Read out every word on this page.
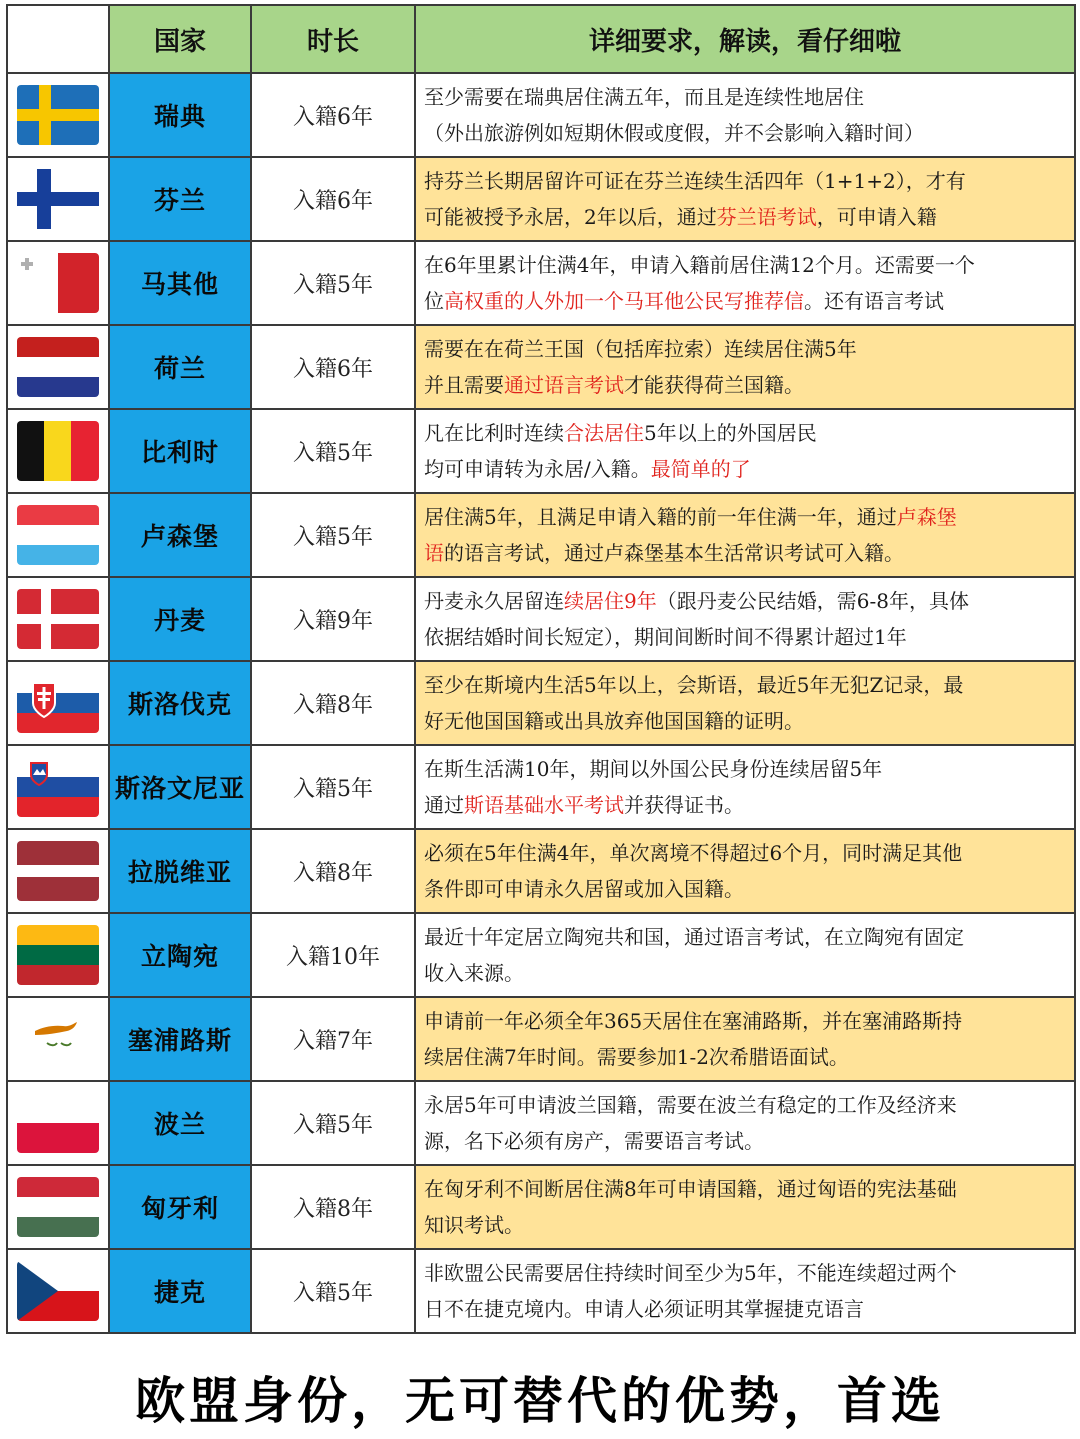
	国家	时长	详细要求，解读，看仔细啦
	瑞典	入籍6年	至少需要在瑞典居住满五年，而且是连续性地居住
（外出旅游例如短期休假或度假，并不会影响入籍时间）

	芬兰	入籍6年	持芬兰长期居留许可证在芬兰连续生活四年（1+1+2），才有
可能被授予永居，2年以后，通过芬兰语考试，可申请入籍

	马其他	入籍5年	在6年里累计住满4年，申请入籍前居住满12个月。还需要一个
位高权重的人外加一个马耳他公民写推荐信。还有语言考试

	荷兰	入籍6年	需要在在荷兰王国（包括库拉索）连续居住满5年
并且需要通过语言考试才能获得荷兰国籍。

	比利时	入籍5年	凡在比利时连续合法居住5年以上的外国居民
均可申请转为永居/入籍。最简单的了

	卢森堡	入籍5年	居住满5年，且满足申请入籍的前一年住满一年，通过卢森堡
语的语言考试，通过卢森堡基本生活常识考试可入籍。

	丹麦	入籍9年	丹麦永久居留连续居住9年（跟丹麦公民结婚，需6-8年，具体
依据结婚时间长短定），期间间断时间不得累计超过1年

	斯洛伐克	入籍8年	至少在斯境内生活5年以上，会斯语，最近5年无犯Z记录，最
好无他国国籍或出具放弃他国国籍的证明。

	斯洛文尼亚	入籍5年	在斯生活满10年，期间以外国公民身份连续居留5年
通过斯语基础水平考试并获得证书。

	拉脱维亚	入籍8年	必须在5年住满4年，单次离境不得超过6个月，同时满足其他
条件即可申请永久居留或加入国籍。

	立陶宛	入籍10年	最近十年定居立陶宛共和国，通过语言考试，在立陶宛有固定
收入来源。

	塞浦路斯	入籍7年	申请前一年必须全年365天居住在塞浦路斯，并在塞浦路斯持
续居住满7年时间。需要参加1-2次希腊语面试。

	波兰	入籍5年	永居5年可申请波兰国籍，需要在波兰有稳定的工作及经济来
源，名下必须有房产，需要语言考试。

	匈牙利	入籍8年	在匈牙利不间断居住满8年可申请国籍，通过匈语的宪法基础
知识考试。

	捷克	入籍5年	非欧盟公民需要居住持续时间至少为5年，不能连续超过两个
日不在捷克境内。申请人必须证明其掌握捷克语言
欧盟身份，无可替代的优势，首选
